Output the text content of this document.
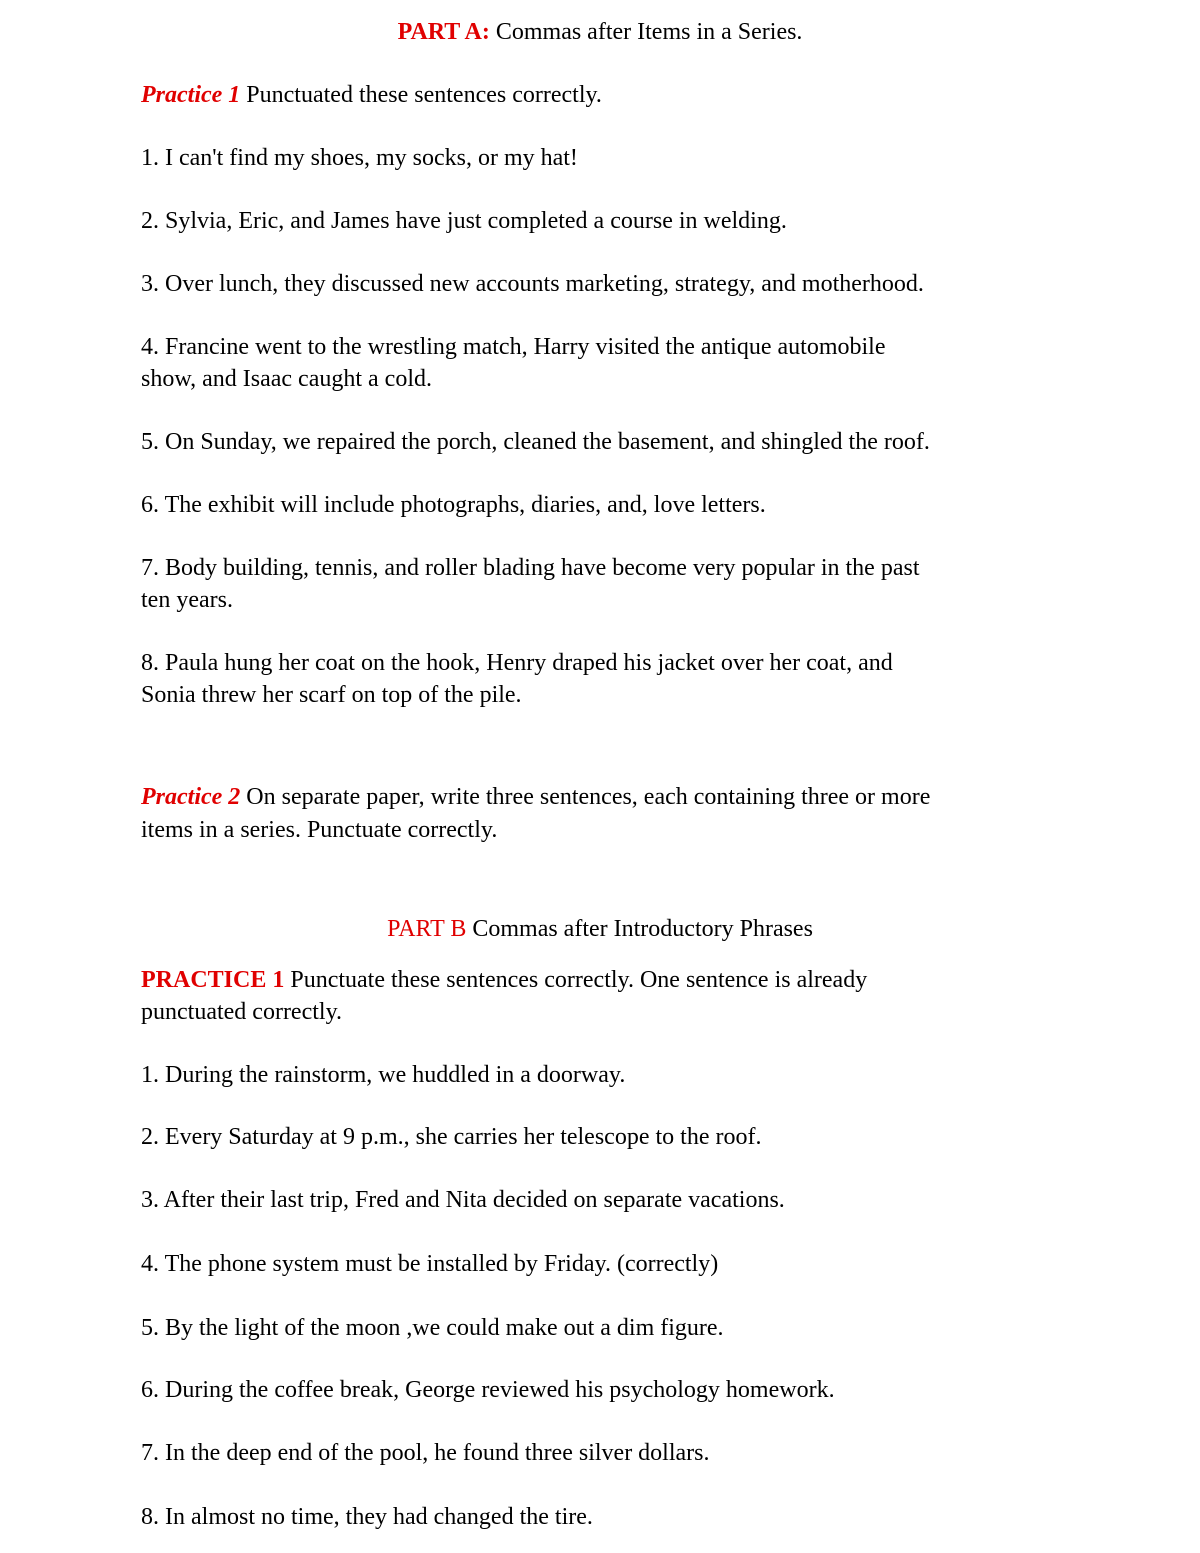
PART A: Commas after Items in a Series.
Practice 1 Punctuated these sentences correctly.
1. I can't find my shoes, my socks, or my hat!
2. Sylvia, Eric, and James have just completed a course in welding.
3. Over lunch, they discussed new accounts marketing, strategy, and motherhood.
4. Francine went to the wrestling match, Harry visited the antique automobile
show, and Isaac caught a cold.
5. On Sunday, we repaired the porch, cleaned the basement, and shingled the roof.
6. The exhibit will include photographs, diaries, and, love letters.
7. Body building, tennis, and roller blading have become very popular in the past
ten years.
8. Paula hung her coat on the hook, Henry draped his jacket over her coat, and
Sonia threw her scarf on top of the pile.
Practice 2 On separate paper, write three sentences, each containing three or more
items in a series. Punctuate correctly.
PART B Commas after Introductory Phrases
PRACTICE 1 Punctuate these sentences correctly. One sentence is already
punctuated correctly.
1. During the rainstorm, we huddled in a doorway.
2. Every Saturday at 9 p.m., she carries her telescope to the roof.
3. After their last trip, Fred and Nita decided on separate vacations.
4. The phone system must be installed by Friday. (correctly)
5. By the light of the moon ,we could make out a dim figure.
6. During the coffee break, George reviewed his psychology homework.
7. In the deep end of the pool, he found three silver dollars.
8. In almost no time, they had changed the tire.
